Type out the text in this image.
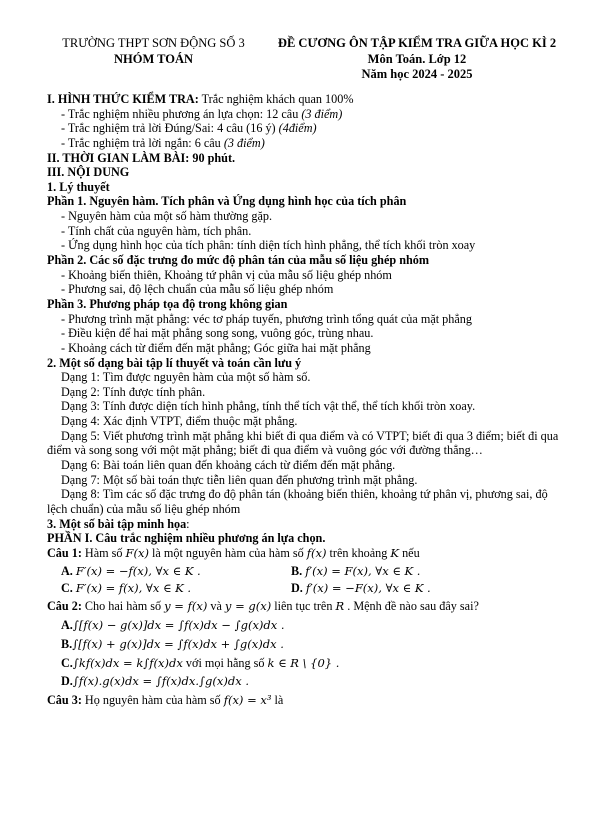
TRƯỜNG THPT SƠN ĐỘNG SỐ 3
NHÓM TOÁN
ĐỀ CƯƠNG ÔN TẬP KIỂM TRA GIỮA HỌC KÌ 2
Môn Toán. Lớp 12
Năm học 2024 - 2025
I. HÌNH THỨC KIỂM TRA: Trắc nghiệm khách quan 100%
- Trắc nghiệm nhiều phương án lựa chọn: 12 câu (3 điểm)
- Trắc nghiệm trả lời Đúng/Sai: 4 câu (16 ý) (4điểm)
- Trắc nghiệm trả lời ngắn: 6 câu (3 điểm)
II. THỜI GIAN LÀM BÀI: 90 phút.
III. NỘI DUNG
1. Lý thuyết
Phần 1. Nguyên hàm. Tích phân và Ứng dụng hình học của tích phân
- Nguyên hàm của một số hàm thường gặp.
- Tính chất của nguyên hàm, tích phân.
- Ứng dụng hình học của tích phân: tính diện tích hình phẳng, thể tích khối tròn xoay
Phần 2. Các số đặc trưng đo mức độ phân tán của mẫu số liệu ghép nhóm
- Khoảng biến thiên, Khoảng tứ phân vị của mẫu số liệu ghép nhóm
- Phương sai, độ lệch chuẩn của mẫu số liệu ghép nhóm
Phần 3. Phương pháp tọa độ trong không gian
- Phương trình mặt phẳng: véc tơ pháp tuyến, phương trình tổng quát của mặt phẳng
- Điều kiện để hai mặt phẳng song song, vuông góc, trùng nhau.
- Khoảng cách từ điểm đến mặt phẳng; Góc giữa hai mặt phẳng
2. Một số dạng bài tập lí thuyết và toán cần lưu ý
Dạng 1: Tìm được nguyên hàm của một số hàm số.
Dạng 2: Tính được tính phân.
Dạng 3: Tính được diện tích hình phẳng, tính thể tích vật thể, thể tích khối tròn xoay.
Dạng 4: Xác định VTPT, điểm thuộc mặt phẳng.

Dạng 5: Viết phương trình mặt phẳng khi biết đi qua điểm và có VTPT; biết đi qua 3 điểm; biết đi qua điểm và song song với một mặt phẳng; biết đi qua điểm và vuông góc với đường thẳng…

Dạng 6: Bài toán liên quan đến khoảng cách từ điểm đến mặt phẳng.
Dạng 7: Một số bài toán thực tiễn liên quan đến phương trình mặt phẳng.

Dạng 8: Tìm các số đặc trưng đo độ phân tán (khoảng biến thiên, khoảng tứ phân vị, phương sai, độ lệch chuẩn) của mẫu số liệu ghép nhóm

3. Một số bài tập minh họa:
PHẦN I. Câu trắc nghiệm nhiều phương án lựa chọn.
Câu 1: Hàm số F(x) là một nguyên hàm của hàm số f(x) trên khoảng K nếu
A. F′(x) = −f(x), ∀x ∈ K .	B. f′(x) = F(x), ∀x ∈ K .
C. F′(x) = f(x), ∀x ∈ K .	D. f′(x) = −F(x), ∀x ∈ K .
Câu 2: Cho hai hàm số y = f(x) và y = g(x) liên tục trên R . Mệnh đề nào sau đây sai?
A.∫[f(x) − g(x)]dx = ∫f(x)dx − ∫g(x)dx .
B.∫[f(x) + g(x)]dx = ∫f(x)dx + ∫g(x)dx .
C.∫kf(x)dx = k∫f(x)dx với mọi hằng số k ∈ R \ {0} .
D.∫f(x).g(x)dx = ∫f(x)dx.∫g(x)dx .
Câu 3: Họ nguyên hàm của hàm số f(x) = x³ là
